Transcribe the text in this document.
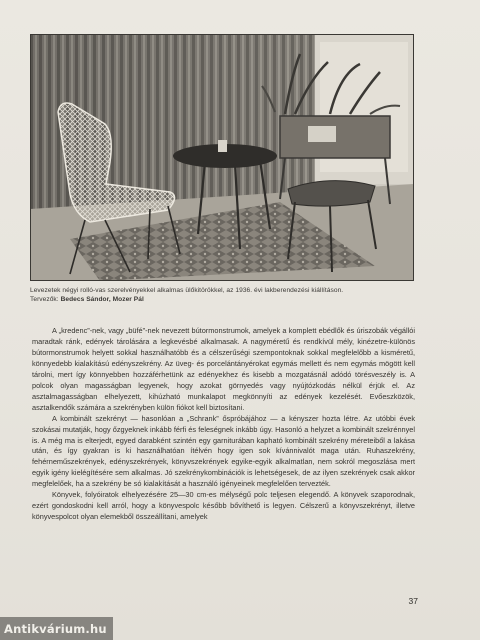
Levezetek négyi rolló-vas szerelvényekkel alkalmas ülőkitörökkel, az 1936. évi lakberendezési kiállításon.
Tervezők: Bedecs Sándor, Mozer Pál

A „kredenc”-nek, vagy „büfé”-nek nevezett bútormonstrumok, amelyek a komplett ebédlők és úriszobák végállói maradtak ránk, edények tárolására a legkevésbé alkalmasak. A nagyméretű és rendkívül mély, kinézetre-különös bútormonstrumok helyett sokkal használhatóbb és a célszerűségi szempontoknak sokkal megfelelőbb a kisméretű, könnyedebb kialakítású edényszekrény. Az üveg- és porcelántányérokat egymás mellett és nem egymás mögött kell tárolni, mert így könnyebben hozzáférhetünk az edényekhez és kisebb a mozgatásnál adódó törésveszély is. A polcok olyan magasságban legyenek, hogy azokat görnyedés vagy nyújtózkodás nélkül érjük el. Az asztalmagasságban elhelyezett, kihúzható munkalapot megkönnyíti az edények kezelését. Evőeszközök, asztalkendők számára a szekrényben külön fiókot kell biztosítani.

A kombinált szekrényt — hasonlóan a „Schrank” őspróbájához — a kényszer hozta létre. Az utóbbi évek szokásai mutatják, hogy őzgyeknek inkább férfi és feleségnek inkább úgy. Hasonló a helyzet a kombinált szekrénnyel is. A még ma is elterjedt, egyed darabként szintén egy garniturában kapható kombinált szekrény méreteiből a lakása után, és így gyakran is ki használhatóan ítélvén hogy igen sok kívánnivalót maga után. Ruhaszekrény, fehérneműszekrények, edényszekrények, könyvszekrények egyike-egyik alkalmatlan, nem sokról megoszlása mert egyik igény kielégítésére sem alkalmas. Jó szekrénykombinációk is lehetségesek, de az ilyen szekrények csak akkor megfelelőek, ha a szekrény be só kialakítását a használó igényeinek megfelelően tervezték.

Könyvek, folyóiratok elhelyezésére 25—30 cm-es mélységű polc teljesen elegendő. A könyvek szaporodnak, ezért gondoskodni kell arról, hogy a könyvespolc később bővíthető is legyen. Célszerű a könyvszekrényt, illetve könyvespolcot olyan elemekből összeállítani, amelyek

37
Antikvárium.hu
